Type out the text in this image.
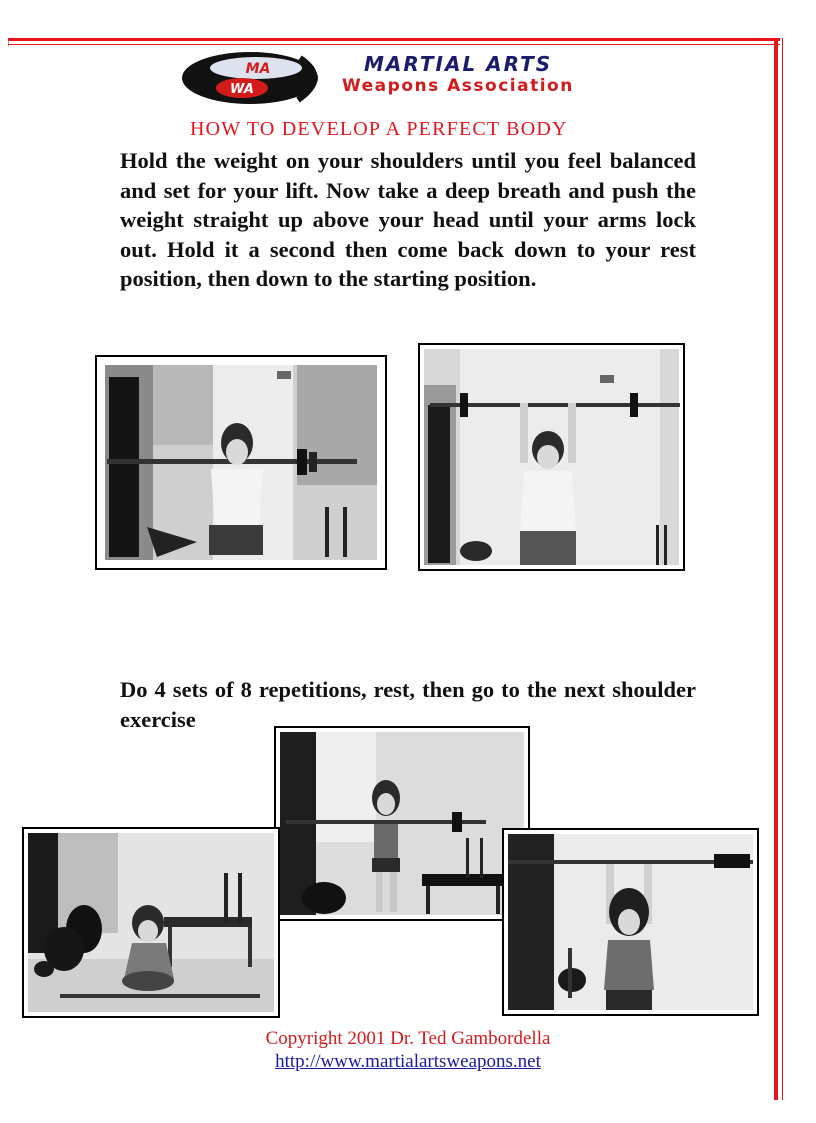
MA
WA
MARTIAL ARTS
Weapons Association
HOW TO DEVELOP A PERFECT BODY
Hold the weight on your shoulders until you feel balanced and set for your lift. Now take a deep breath and push the weight straight up above your head until your arms lock out. Hold it a second then come back down to your rest position, then down to the starting position.
Do 4 sets of 8 repetitions, rest, then go to the next shoulder exercise
Copyright 2001 Dr. Ted Gambordella
http://www.martialartsweapons.net
